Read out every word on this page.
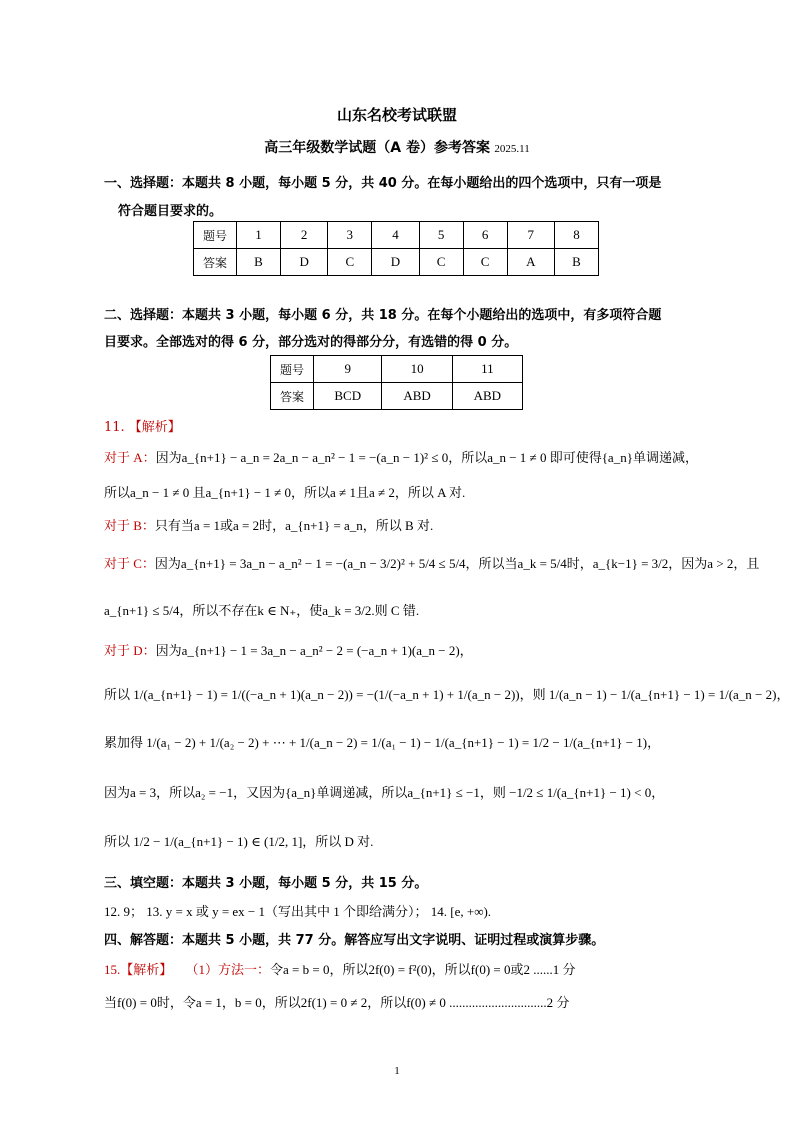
山东名校考试联盟
高三年级数学试题（A 卷）参考答案 2025.11
一、选择题：本题共 8 小题，每小题 5 分，共 40 分。在每小题给出的四个选项中，只有一项是
符合题目要求的。
题号	1	2	3	4	5	6	7	8
答案	B	D	C	D	C	C	A	B
二、选择题：本题共 3 小题，每小题 6 分，共 18 分。在每个小题给出的选项中，有多项符合题
目要求。全部选对的得 6 分，部分选对的得部分分，有选错的得 0 分。
题号	9	10	11
答案	BCD	ABD	ABD
11. 【解析】
对于 A：因为a_{n+1} − a_n = 2a_n − a_n² − 1 = −(a_n − 1)² ≤ 0，所以a_n − 1 ≠ 0 即可使得{a_n}单调递减，
所以a_n − 1 ≠ 0 且a_{n+1} − 1 ≠ 0，所以a ≠ 1且a ≠ 2，所以 A 对.
对于 B：只有当a = 1或a = 2时，a_{n+1} = a_n，所以 B 对.
对于 C：因为a_{n+1} = 3a_n − a_n² − 1 = −(a_n − 3/2)² + 5/4 ≤ 5/4，所以当a_k = 5/4时，a_{k−1} = 3/2，因为a > 2，且
a_{n+1} ≤ 5/4，所以不存在k ∈ N₊，使a_k = 3/2.则 C 错.
对于 D：因为a_{n+1} − 1 = 3a_n − a_n² − 2 = (−a_n + 1)(a_n − 2)，
所以 1/(a_{n+1} − 1) = 1/((−a_n + 1)(a_n − 2)) = −(1/(−a_n + 1) + 1/(a_n − 2))，则 1/(a_n − 1) − 1/(a_{n+1} − 1) = 1/(a_n − 2)，
累加得 1/(a₁ − 2) + 1/(a₂ − 2) + ⋯ + 1/(a_n − 2) = 1/(a₁ − 1) − 1/(a_{n+1} − 1) = 1/2 − 1/(a_{n+1} − 1)，
因为a = 3，所以a₂ = −1，又因为{a_n}单调递减，所以a_{n+1} ≤ −1，则 −1/2 ≤ 1/(a_{n+1} − 1) < 0，
所以 1/2 − 1/(a_{n+1} − 1) ∈ (1/2, 1]，所以 D 对.
三、填空题：本题共 3 小题，每小题 5 分，共 15 分。
12. 9； 13. y = x 或 y = ex − 1（写出其中 1 个即给满分）； 14. [e, +∞).
四、解答题：本题共 5 小题，共 77 分。解答应写出文字说明、证明过程或演算步骤。
15.【解析】 （1）方法一：令a = b = 0，所以2f(0) = f²(0)，所以f(0) = 0或2 ......1 分
当f(0) = 0时，令a = 1，b = 0，所以2f(1) = 0 ≠ 2，所以f(0) ≠ 0 ..............................2 分
1
